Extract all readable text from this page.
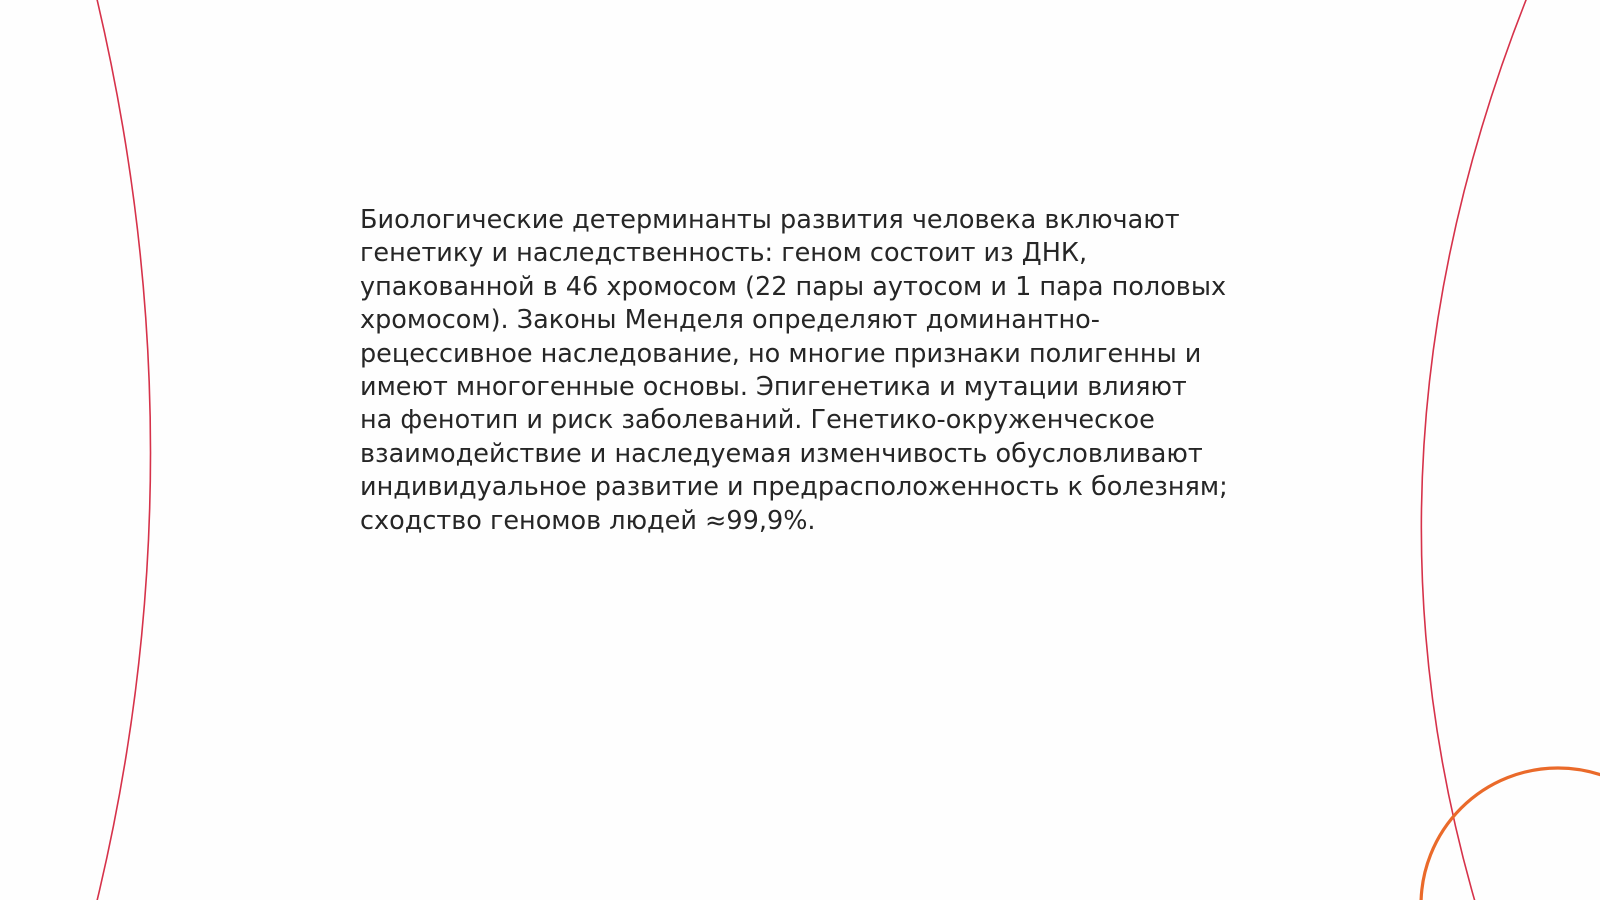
Биологические детерминанты развития человека включают
генетику и наследственность: геном состоит из ДНК,
упакованной в 46 хромосом (22 пары аутосом и 1 пара половых
хромосом). Законы Менделя определяют доминантно-
рецессивное наследование, но многие признаки полигенны и
имеют многогенные основы. Эпигенетика и мутации влияют
на фенотип и риск заболеваний. Генетико-окруженческое
взаимодействие и наследуемая изменчивость обусловливают
индивидуальное развитие и предрасположенность к болезням;
сходство геномов людей ≈99,9%.
